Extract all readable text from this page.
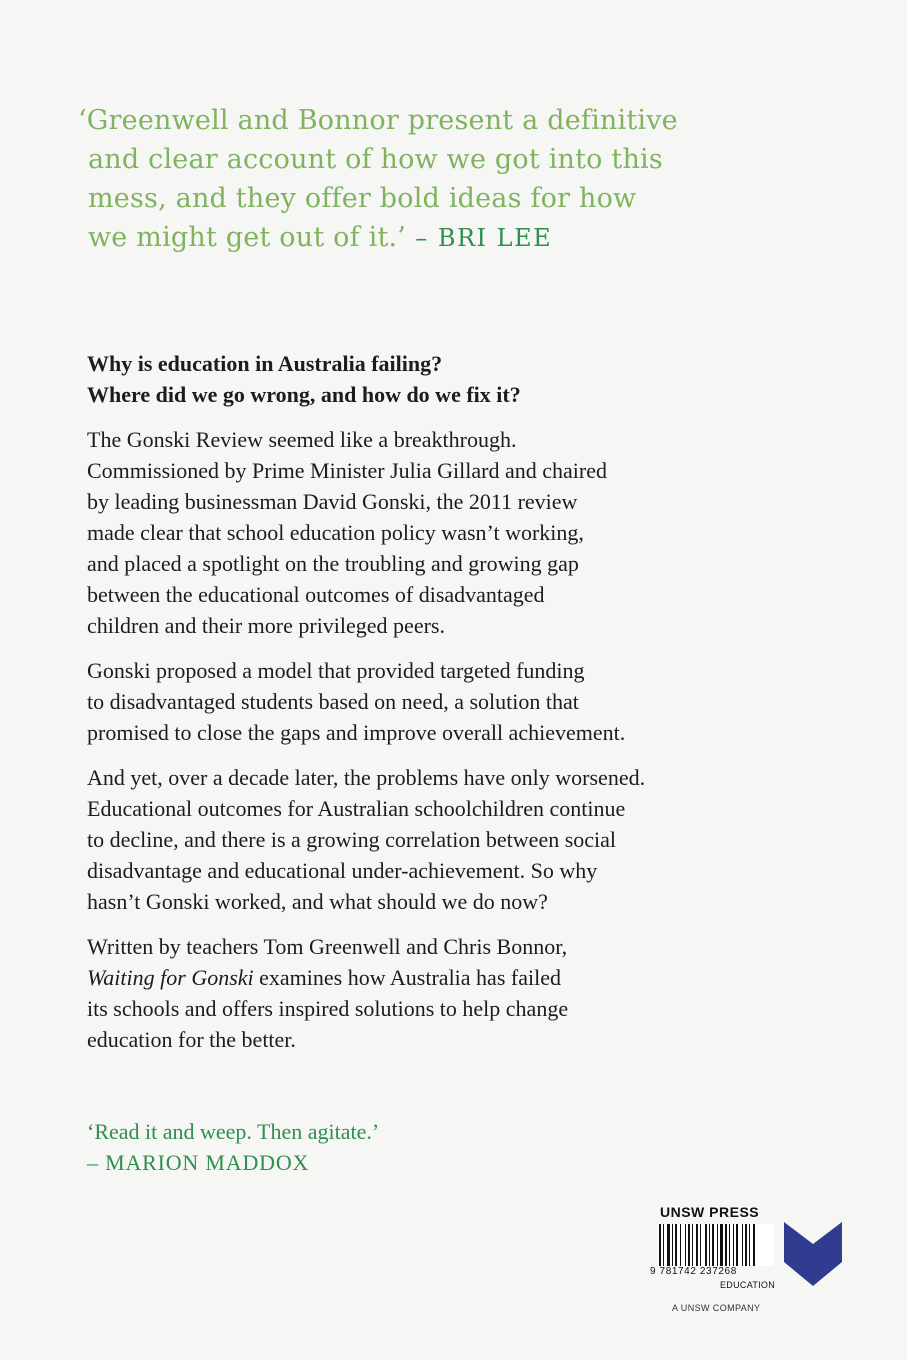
‘Greenwell and Bonnor present a definitive
and clear account of how we got into this
mess, and they offer bold ideas for how
we might get out of it.’ – BRI LEE

Why is education in Australia failing?
Where did we go wrong, and how do we fix it?

The Gonski Review seemed like a breakthrough.
Commissioned by Prime Minister Julia Gillard and chaired
by leading businessman David Gonski, the 2011 review
made clear that school education policy wasn’t working,
and placed a spotlight on the troubling and growing gap
between the educational outcomes of disadvantaged
children and their more privileged peers.

Gonski proposed a model that provided targeted funding
to disadvantaged students based on need, a solution that
promised to close the gaps and improve overall achievement.

And yet, over a decade later, the problems have only worsened.
Educational outcomes for Australian schoolchildren continue
to decline, and there is a growing correlation between social
disadvantage and educational under-achievement. So why
hasn’t Gonski worked, and what should we do now?

Written by teachers Tom Greenwell and Chris Bonnor,
Waiting for Gonski examines how Australia has failed
its schools and offers inspired solutions to help change
education for the better.

‘Read it and weep. Then agitate.’
– MARION MADDOX
UNSW PRESS
9 781742 237268
EDUCATION
A UNSW COMPANY
